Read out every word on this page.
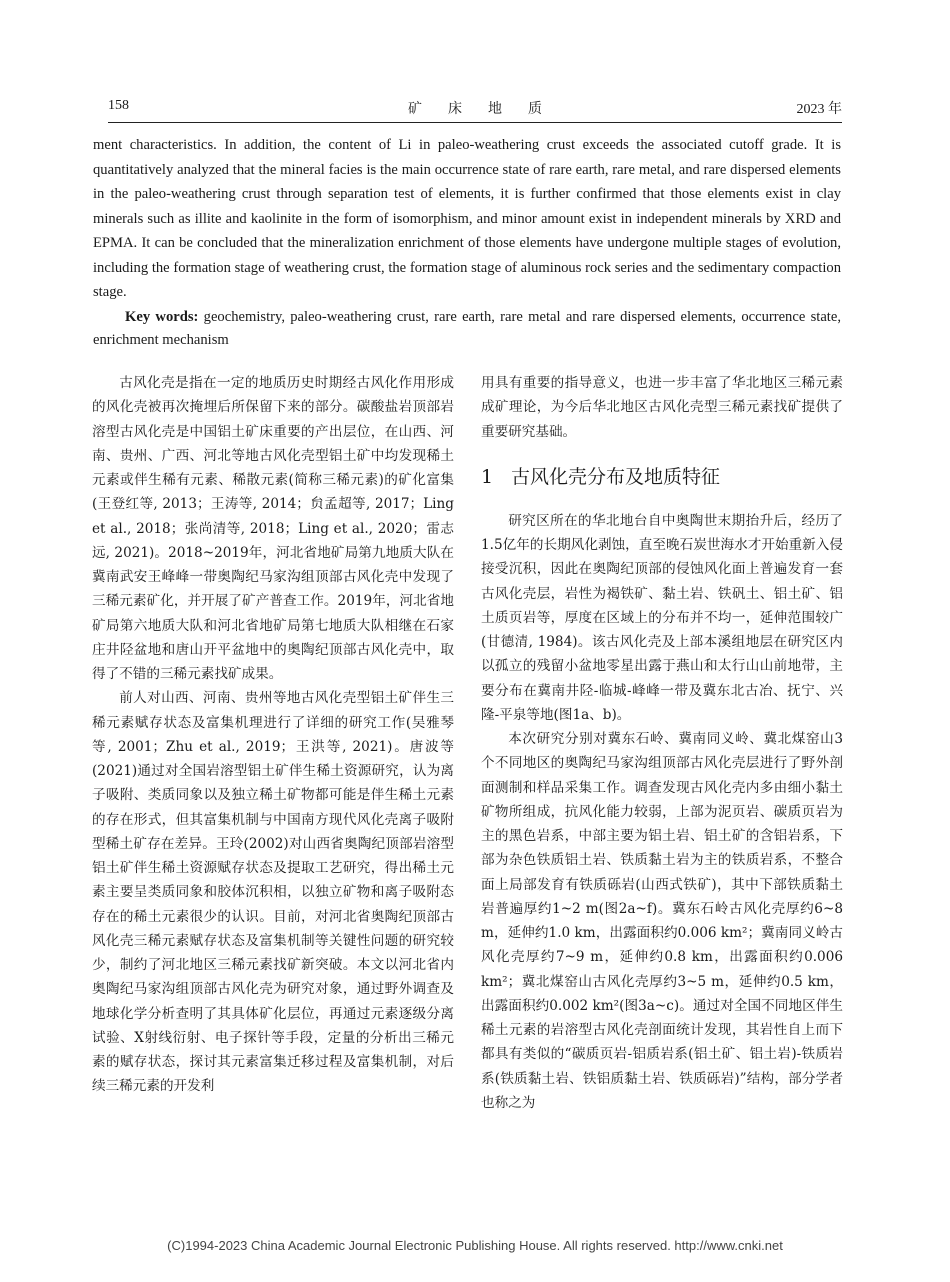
158	矿床地质	2023 年

ment characteristics. In addition, the content of Li in paleo-weathering crust exceeds the associated cutoff grade. It is quantitatively analyzed that the mineral facies is the main occurrence state of rare earth, rare metal, and rare dispersed elements in the paleo-weathering crust through separation test of elements, it is further confirmed that those elements exist in clay minerals such as illite and kaolinite in the form of isomorphism, and minor amount exist in independent minerals by XRD and EPMA. It can be concluded that the mineralization enrichment of those elements have undergone multiple stages of evolution, including the formation stage of weathering crust, the formation stage of aluminous rock series and the sedimentary compaction stage.

Key words: geochemistry, paleo-weathering crust, rare earth, rare metal and rare dispersed elements, occurrence state, enrichment mechanism

古风化壳是指在一定的地质历史时期经古风化作用形成的风化壳被再次掩埋后所保留下来的部分。碳酸盐岩顶部岩溶型古风化壳是中国铝土矿床重要的产出层位，在山西、河南、贵州、广西、河北等地古风化壳型铝土矿中均发现稀土元素或伴生稀有元素、稀散元素(简称三稀元素)的矿化富集(王登红等, 2013；王涛等, 2014；贠孟超等, 2017；Ling et al., 2018；张尚清等, 2018；Ling et al., 2020；雷志远, 2021)。2018~2019年，河北省地矿局第九地质大队在冀南武安王峰峰一带奥陶纪马家沟组顶部古风化壳中发现了三稀元素矿化，并开展了矿产普查工作。2019年，河北省地矿局第六地质大队和河北省地矿局第七地质大队相继在石家庄井陉盆地和唐山开平盆地中的奥陶纪顶部古风化壳中，取得了不错的三稀元素找矿成果。

前人对山西、河南、贵州等地古风化壳型铝土矿伴生三稀元素赋存状态及富集机理进行了详细的研究工作(吴雅琴等, 2001；Zhu et al., 2019；王洪等, 2021)。唐波等(2021)通过对全国岩溶型铝土矿伴生稀土资源研究，认为离子吸附、类质同象以及独立稀土矿物都可能是伴生稀土元素的存在形式，但其富集机制与中国南方现代风化壳离子吸附型稀土矿存在差异。王玲(2002)对山西省奥陶纪顶部岩溶型铝土矿伴生稀土资源赋存状态及提取工艺研究，得出稀土元素主要呈类质同象和胶体沉积相，以独立矿物和离子吸附态存在的稀土元素很少的认识。目前，对河北省奥陶纪顶部古风化壳三稀元素赋存状态及富集机制等关键性问题的研究较少，制约了河北地区三稀元素找矿新突破。本文以河北省内奥陶纪马家沟组顶部古风化壳为研究对象，通过野外调查及地球化学分析查明了其具体矿化层位，再通过元素逐级分离试验、X射线衍射、电子探针等手段，定量的分析出三稀元素的赋存状态，探讨其元素富集迁移过程及富集机制，对后续三稀元素的开发利

用具有重要的指导意义，也进一步丰富了华北地区三稀元素成矿理论，为今后华北地区古风化壳型三稀元素找矿提供了重要研究基础。

1 古风化壳分布及地质特征

研究区所在的华北地台自中奥陶世末期抬升后，经历了1.5亿年的长期风化剥蚀，直至晚石炭世海水才开始重新入侵接受沉积，因此在奥陶纪顶部的侵蚀风化面上普遍发育一套古风化壳层，岩性为褐铁矿、黏土岩、铁矾土、铝土矿、铝土质页岩等，厚度在区域上的分布并不均一，延伸范围较广(甘德清, 1984)。该古风化壳及上部本溪组地层在研究区内以孤立的残留小盆地零星出露于燕山和太行山山前地带，主要分布在冀南井陉-临城-峰峰一带及冀东北古冶、抚宁、兴隆-平泉等地(图1a、b)。

本次研究分别对冀东石岭、冀南同义岭、冀北煤窑山3个不同地区的奥陶纪马家沟组顶部古风化壳层进行了野外剖面测制和样品采集工作。调查发现古风化壳内多由细小黏土矿物所组成，抗风化能力较弱，上部为泥页岩、碳质页岩为主的黑色岩系，中部主要为铝土岩、铝土矿的含铝岩系，下部为杂色铁质铝土岩、铁质黏土岩为主的铁质岩系，不整合面上局部发育有铁质砾岩(山西式铁矿)，其中下部铁质黏土岩普遍厚约1~2 m(图2a~f)。冀东石岭古风化壳厚约6~8 m，延伸约1.0 km，出露面积约0.006 km²；冀南同义岭古风化壳厚约7~9 m，延伸约0.8 km，出露面积约0.006 km²；冀北煤窑山古风化壳厚约3~5 m，延伸约0.5 km，出露面积约0.002 km²(图3a~c)。通过对全国不同地区伴生稀土元素的岩溶型古风化壳剖面统计发现，其岩性自上而下都具有类似的“碳质页岩-铝质岩系(铝土矿、铝土岩)-铁质岩系(铁质黏土岩、铁铝质黏土岩、铁质砾岩)”结构，部分学者也称之为

(C)1994-2023 China Academic Journal Electronic Publishing House. All rights reserved. http://www.cnki.net
